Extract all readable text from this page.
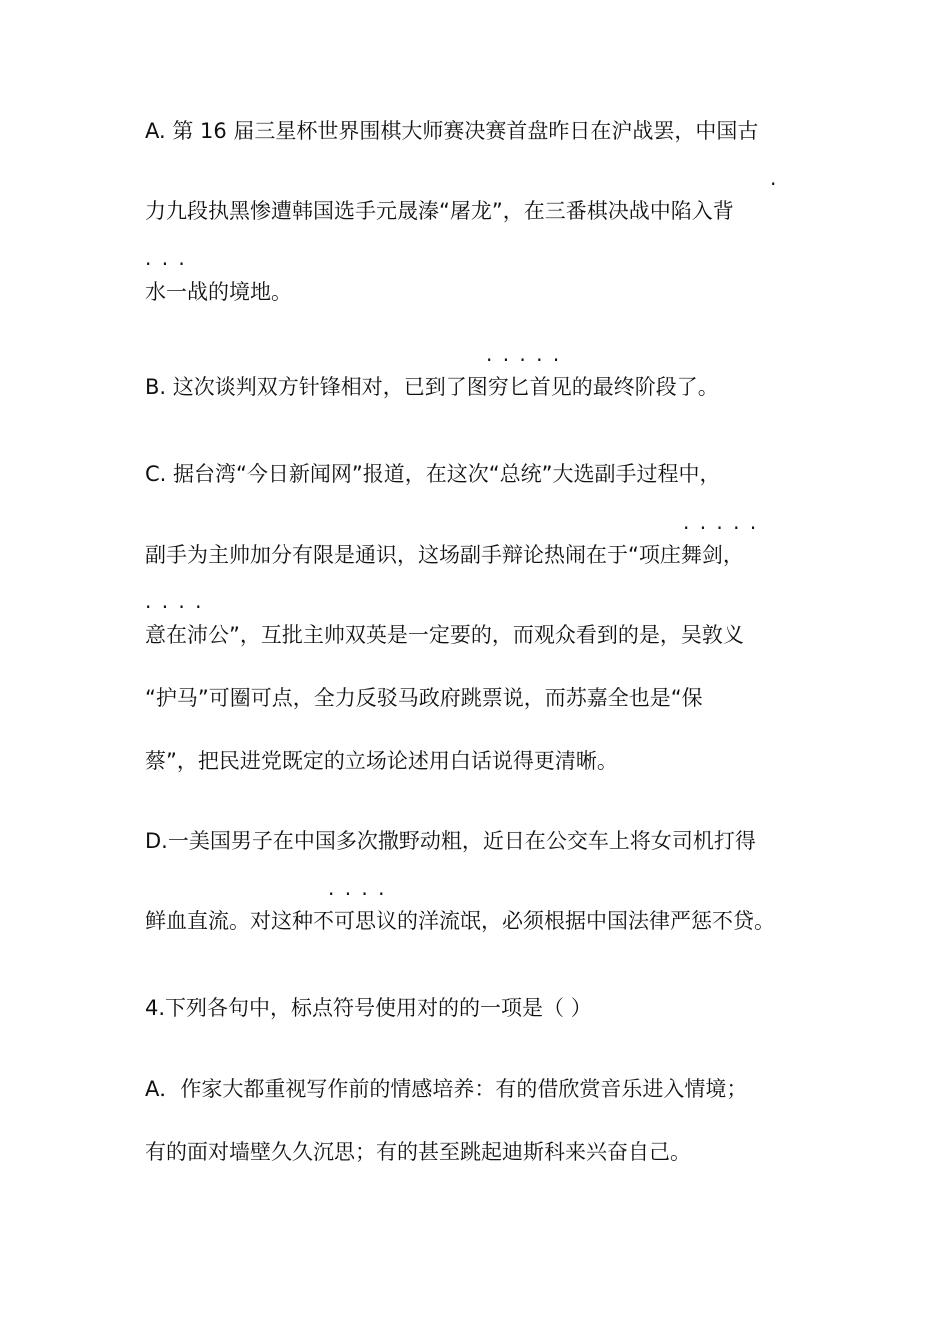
A. 第 16 届三星杯世界围棋大师赛决赛首盘昨日在沪战罢，中国古
·
力九段执黑惨遭韩国选手元晟溱“屠龙”，在三番棋决战中陷入背
· · ·
水一战的境地。
· · · · ·
B. 这次谈判双方针锋相对，已到了图穷匕首见的最终阶段了。
C. 据台湾“今日新闻网”报道，在这次“总统”大选副手过程中，
· · · · ·
副手为主帅加分有限是通识，这场副手辩论热闹在于“项庄舞剑，
· · · ·
意在沛公”，互批主帅双英是一定要的，而观众看到的是，吴敦义
“护马”可圈可点，全力反驳马政府跳票说，而苏嘉全也是“保
蔡”，把民进党既定的立场论述用白话说得更清晰。
D.一美国男子在中国多次撒野动粗，近日在公交车上将女司机打得
· · · ·
鲜血直流。对这种不可思议的洋流氓，必须根据中国法律严惩不贷。
4.下列各句中，标点符号使用对的的一项是（ ）
A．作家大都重视写作前的情感培养：有的借欣赏音乐进入情境；
有的面对墙壁久久沉思；有的甚至跳起迪斯科来兴奋自己。
